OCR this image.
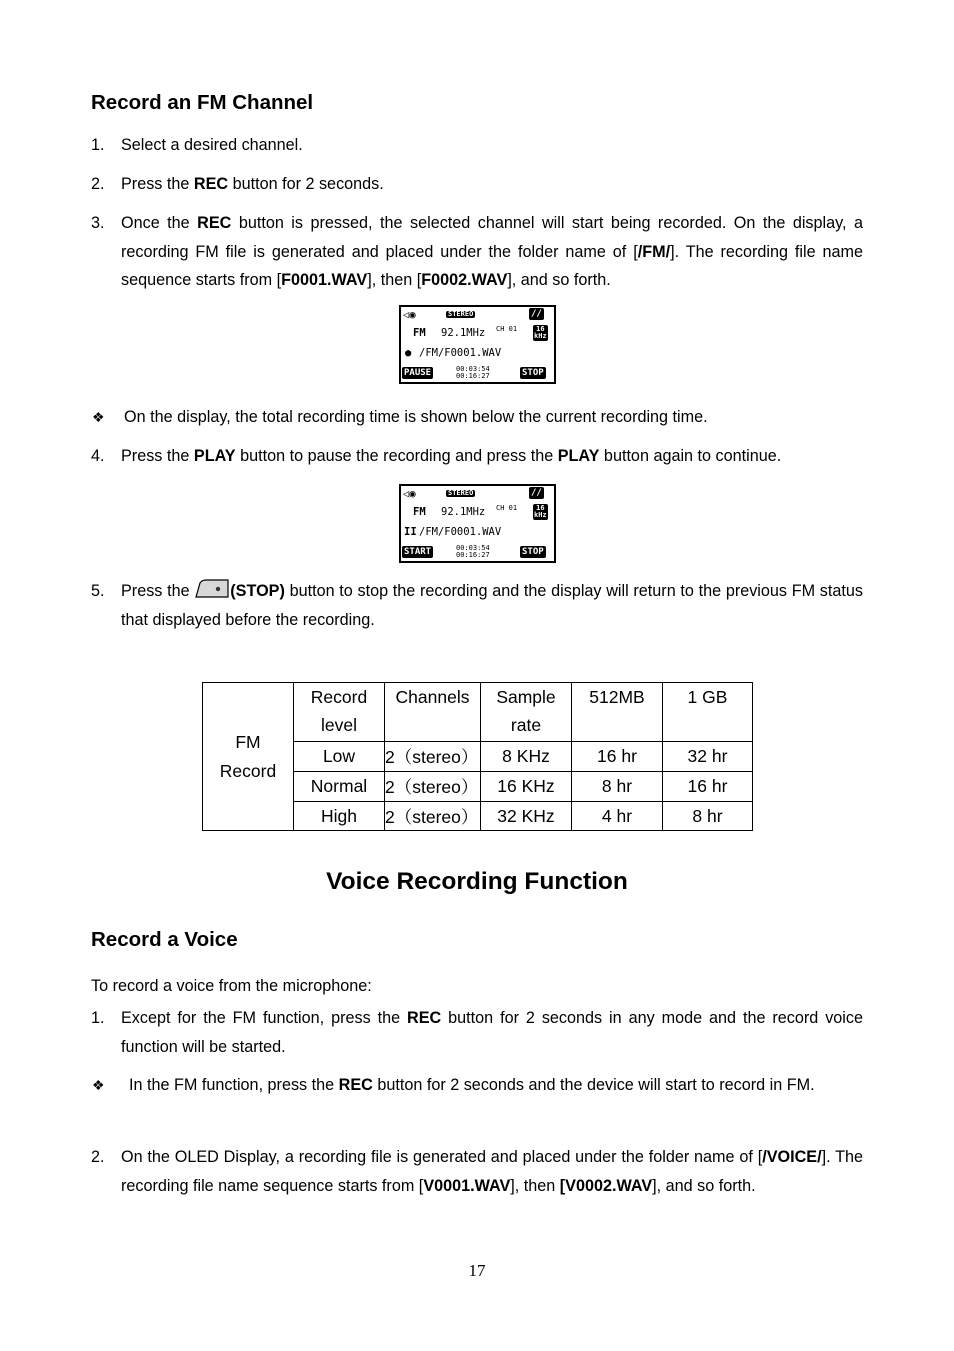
Record an FM Channel
1. Select a desired channel.
2. Press the REC button for 2 seconds.
3. Once the REC button is pressed, the selected channel will start being recorded. On the display, a recording FM file is generated and placed under the folder name of [/FM/]. The recording file name sequence starts from [F0001.WAV], then [F0002.WAV], and so forth.
◁◉	STEREO	//
FM 92.1MHz CH 01	16
kHz
● /FM/F0001.WAV
PAUSE	00:03:54
00:16:27	STOP
❖ On the display, the total recording time is shown below the current recording time.
4. Press the PLAY button to pause the recording and press the PLAY button again to continue.
◁◉	STEREO	//
FM 92.1MHz CH 01	16
kHz
II /FM/F0001.WAV
START	00:03:54
00:16:27	STOP
5. Press the (STOP) button to stop the recording and the display will return to the previous FM status that displayed before the recording.
FM Record	Record level	Channels	Sample rate	512MB	1 GB
	Low	2（stereo）	8 KHz	16 hr	32 hr
	Normal	2（stereo）	16 KHz	8 hr	16 hr
	High	2（stereo）	32 KHz	4 hr	8 hr
Voice Recording Function
Record a Voice
To record a voice from the microphone:
1. Except for the FM function, press the REC button for 2 seconds in any mode and the record voice function will be started.
❖ In the FM function, press the REC button for 2 seconds and the device will start to record in FM.
2. On the OLED Display, a recording file is generated and placed under the folder name of [/VOICE/]. The recording file name sequence starts from [V0001.WAV], then [V0002.WAV], and so forth.
17
